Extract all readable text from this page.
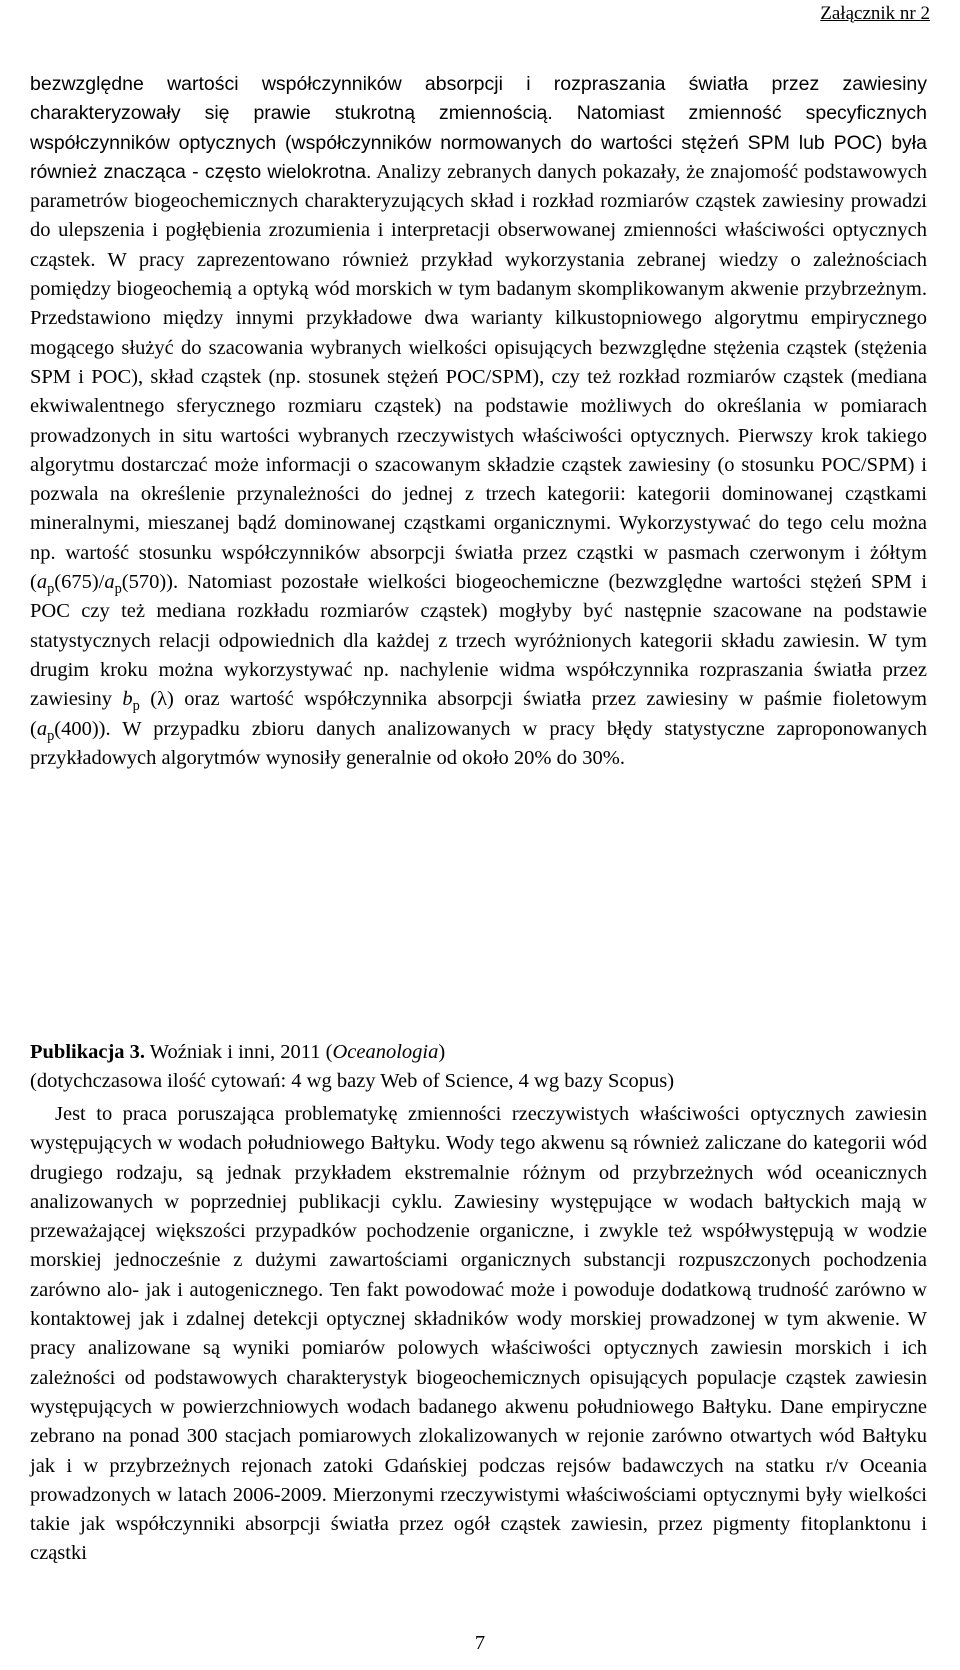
Załącznik nr 2

bezwzględne wartości współczynników absorpcji i rozpraszania światła przez zawiesiny charakteryzowały się prawie stukrotną zmiennością. Natomiast zmienność specyficznych współczynników optycznych (współczynników normowanych do wartości stężeń SPM lub POC) była również znacząca - często wielokrotna. Analizy zebranych danych pokazały, że znajomość podstawowych parametrów biogeochemicznych charakteryzujących skład i rozkład rozmiarów cząstek zawiesiny prowadzi do ulepszenia i pogłębienia zrozumienia i interpretacji obserwowanej zmienności właściwości optycznych cząstek. W pracy zaprezentowano również przykład wykorzystania zebranej wiedzy o zależnościach pomiędzy biogeochemią a optyką wód morskich w tym badanym skomplikowanym akwenie przybrzeżnym. Przedstawiono między innymi przykładowe dwa warianty kilkustopniowego algorytmu empirycznego mogącego służyć do szacowania wybranych wielkości opisujących bezwzględne stężenia cząstek (stężenia SPM i POC), skład cząstek (np. stosunek stężeń POC/SPM), czy też rozkład rozmiarów cząstek (mediana ekwiwalentnego sferycznego rozmiaru cząstek) na podstawie możliwych do określania w pomiarach prowadzonych in situ wartości wybranych rzeczywistych właściwości optycznych. Pierwszy krok takiego algorytmu dostarczać może informacji o szacowanym składzie cząstek zawiesiny (o stosunku POC/SPM) i pozwala na określenie przynależności do jednej z trzech kategorii: kategorii dominowanej cząstkami mineralnymi, mieszanej bądź dominowanej cząstkami organicznymi. Wykorzystywać do tego celu można np. wartość stosunku współczynników absorpcji światła przez cząstki w pasmach czerwonym i żółtym $(a_p(675)/a_p(570))$. Natomiast pozostałe wielkości biogeochemiczne (bezwzględne wartości stężeń SPM i POC czy też mediana rozkładu rozmiarów cząstek) mogłyby być następnie szacowane na podstawie statystycznych relacji odpowiednich dla każdej z trzech wyróżnionych kategorii składu zawiesin. W tym drugim kroku można wykorzystywać np. nachylenie widma współczynnika rozpraszania światła przez zawiesiny $b_p$ (λ) oraz wartość współczynnika absorpcji światła przez zawiesiny w paśmie fioletowym $(a_p(400))$. W przypadku zbioru danych analizowanych w pracy błędy statystyczne zaproponowanych przykładowych algorytmów wynosiły generalnie od około 20% do 30%.

Publikacja 3. Woźniak i inni, 2011 (Oceanologia)
(dotychczasowa ilość cytowań: 4 wg bazy Web of Science, 4 wg bazy Scopus)

Jest to praca poruszająca problematykę zmienności rzeczywistych właściwości optycznych zawiesin występujących w wodach południowego Bałtyku. Wody tego akwenu są również zaliczane do kategorii wód drugiego rodzaju, są jednak przykładem ekstremalnie różnym od przybrzeżnych wód oceanicznych analizowanych w poprzedniej publikacji cyklu. Zawiesiny występujące w wodach bałtyckich mają w przeważającej większości przypadków pochodzenie organiczne, i zwykle też współwystępują w wodzie morskiej jednocześnie z dużymi zawartościami organicznych substancji rozpuszczonych pochodzenia zarówno alo- jak i autogenicznego. Ten fakt powodować może i powoduje dodatkową trudność zarówno w kontaktowej jak i zdalnej detekcji optycznej składników wody morskiej prowadzonej w tym akwenie. W pracy analizowane są wyniki pomiarów polowych właściwości optycznych zawiesin morskich i ich zależności od podstawowych charakterystyk biogeochemicznych opisujących populacje cząstek zawiesin występujących w powierzchniowych wodach badanego akwenu południowego Bałtyku. Dane empiryczne zebrano na ponad 300 stacjach pomiarowych zlokalizowanych w rejonie zarówno otwartych wód Bałtyku jak i w przybrzeżnych rejonach zatoki Gdańskiej podczas rejsów badawczych na statku r/v Oceania prowadzonych w latach 2006-2009. Mierzonymi rzeczywistymi właściwościami optycznymi były wielkości takie jak współczynniki absorpcji światła przez ogół cząstek zawiesin, przez pigmenty fitoplanktonu i cząstki

7
